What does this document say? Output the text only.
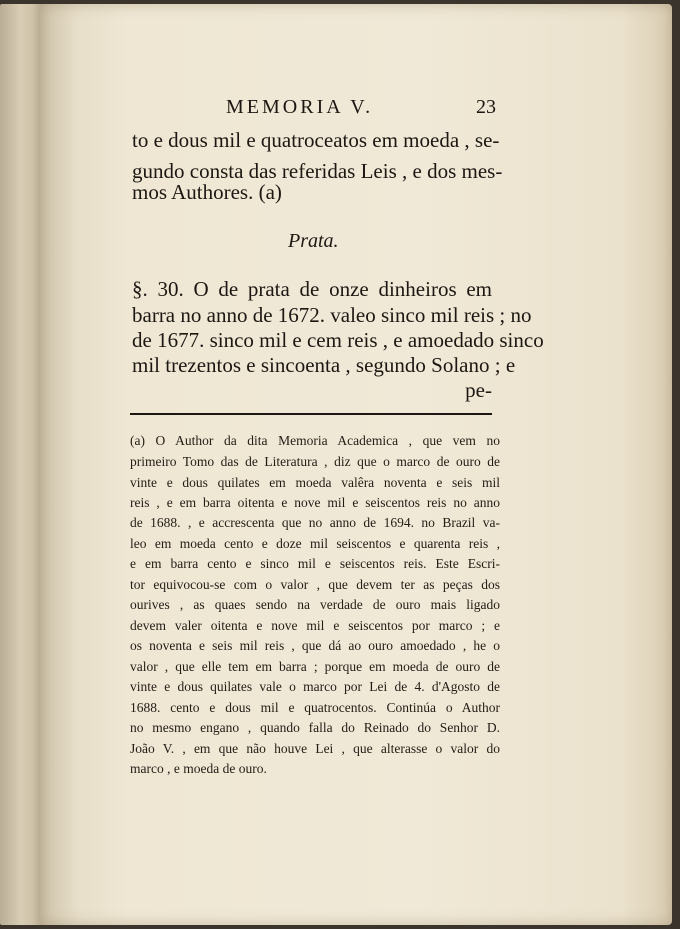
MEMORIA V.	23
to e dous mil e quatroceatos em moeda , se-
gundo consta das referidas Leis , e dos mes-
mos Authores. (a)
Prata.
§. 30. O de prata de onze dinheiros em
barra no anno de 1672. valeo sinco mil reis ; no
de 1677. sinco mil e cem reis , e amoedado sinco
mil trezentos e sincoenta , segundo Solano ; e
pe-
(a) O Author da dita Memoria Academica , que vem no
primeiro Tomo das de Literatura , diz que o marco de ouro de
vinte e dous quilates em moeda valêra noventa e seis mil
reis , e em barra oitenta e nove mil e seiscentos reis no anno
de 1688. , e accrescenta que no anno de 1694. no Brazil va-
leo em moeda cento e doze mil seiscentos e quarenta reis ,
e em barra cento e sinco mil e seiscentos reis. Este Escri-
tor equivocou-se com o valor , que devem ter as peças dos
ourives , as quaes sendo na verdade de ouro mais ligado
devem valer oitenta e nove mil e seiscentos por marco ; e
os noventa e seis mil reis , que dá ao ouro amoedado , he o
valor , que elle tem em barra ; porque em moeda de ouro de
vinte e dous quilates vale o marco por Lei de 4. d'Agosto de
1688. cento e dous mil e quatrocentos. Continúa o Author
no mesmo engano , quando falla do Reinado do Senhor D.
João V. , em que não houve Lei , que alterasse o valor do
marco , e moeda de ouro.
